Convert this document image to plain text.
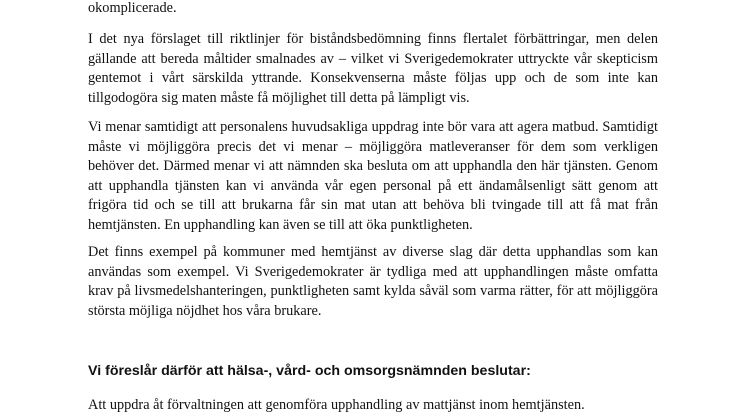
okomplicerade.

I det nya förslaget till riktlinjer för biståndsbedömning finns flertalet förbättringar, men delen gällande att bereda måltider smalnades av – vilket vi Sverigedemokrater uttryckte vår skepticism gentemot i vårt särskilda yttrande. Konsekvenserna måste följas upp och de som inte kan tillgodogöra sig maten måste få möjlighet till detta på lämpligt vis.

Vi menar samtidigt att personalens huvudsakliga uppdrag inte bör vara att agera matbud. Samtidigt måste vi möjliggöra precis det vi menar – möjliggöra matleveranser för dem som verkligen behöver det. Därmed menar vi att nämnden ska besluta om att upphandla den här tjänsten. Genom att upphandla tjänsten kan vi använda vår egen personal på ett ändamålsenligt sätt genom att frigöra tid och se till att brukarna får sin mat utan att behöva bli tvingade till att få mat från hemtjänsten. En upphandling kan även se till att öka punktligheten.

Det finns exempel på kommuner med hemtjänst av diverse slag där detta upphandlas som kan användas som exempel. Vi Sverigedemokrater är tydliga med att upphandlingen måste omfatta krav på livsmedelshanteringen, punktligheten samt kylda såväl som varma rätter, för att möjliggöra största möjliga nöjdhet hos våra brukare.

Vi föreslår därför att hälsa-, vård- och omsorgsnämnden beslutar:

Att uppdra åt förvaltningen att genomföra upphandling av mattjänst inom hemtjänsten.
